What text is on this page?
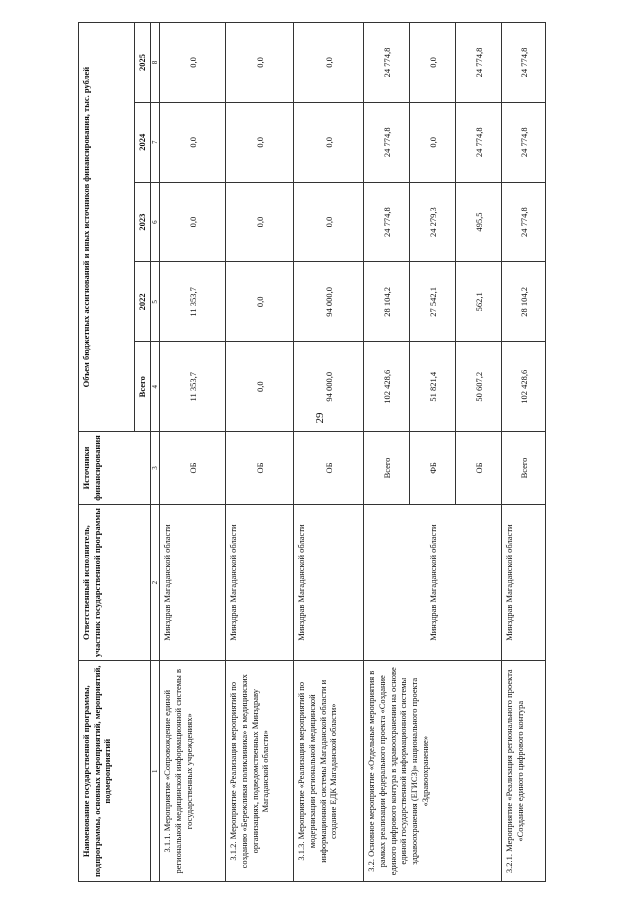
29
Наименование государственной программы, подпрограммы, основных мероприятий, мероприятий, подмероприятий	Ответственный исполнитель, участник государственной программы	Источники финансирования	Объем бюджетных ассигнований и иных источников финансирования, тыс. рублей				
			Всего	2022	2023	2024	2025
1	2	3	4	5	6	7	8
3.1.1. Мероприятие «Сопровождение единой региональной медицинской информационной системы в государственных учреждениях»	Минздрав Магаданской области	ОБ	11 353,7	11 353,7	0,0	0,0	0,0
3.1.2. Мероприятие «Реализация мероприятий по созданию «Бережливая поликлиника» в медицинских организациях, подведомственных Минздраву Магаданской области»	Минздрав Магаданской области	ОБ	0,0	0,0	0,0	0,0	0,0
3.1.3. Мероприятие «Реализация мероприятий по модернизации региональной медицинской информационной системы Магаданской области и создание ЕДК Магаданской области»	Минздрав Магаданской области	ОБ	94 000,0	94 000,0	0,0	0,0	0,0
3.2. Основное мероприятие «Отдельные мероприятия в рамках реализации федерального проекта «Создание единого цифрового контура в здравоохранении на основе единой государственной информационной системы здравоохранения (ЕГИСЗ)» национального проекта «Здравоохранение»	Минздрав Магаданской области	Всего	102 428,6	28 104,2	24 774,8	24 774,8	24 774,8
		ФБ	51 821,4	27 542,1	24 279,3	0,0	0,0
		ОБ	50 607,2	562,1	495,5	24 774,8	24 774,8
3.2.1. Мероприятие «Реализация регионального проекта «Создание единого цифрового контура	Минздрав Магаданской области	Всего	102 428,6	28 104,2	24 774,8	24 774,8	24 774,8
